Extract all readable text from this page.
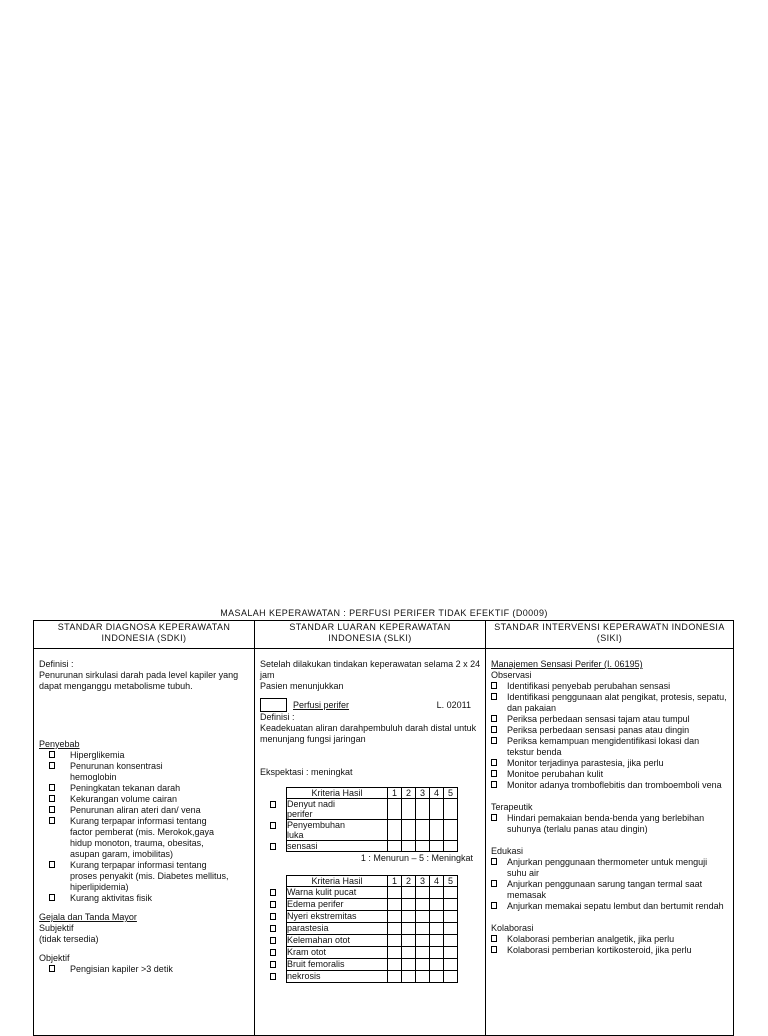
MASALAH KEPERAWATAN : PERFUSI PERIFER TIDAK EFEKTIF (D0009)
STANDAR DIAGNOSA KEPERAWATAN INDONESIA (SDKI)	STANDAR LUARAN KEPERAWATAN INDONESIA (SLKI)	STANDAR INTERVENSI KEPERAWATN INDONESIA (SIKI)

Definisi :
Penurunan sirkulasi darah pada level kapiler yang dapat menganggu metabolisme tubuh.
Penyebab
Hiperglikemia
Penurunan konsentrasi hemoglobin
Peningkatan tekanan darah
Kekurangan volume cairan
Penurunan aliran ateri dan/ vena
Kurang terpapar informasi tentang factor pemberat (mis. Merokok,gaya hidup monoton, trauma, obesitas, asupan garam, imobilitas)
Kurang terpapar informasi tentang proses penyakit (mis. Diabetes mellitus, hiperlipidemia)
Kurang aktivitas fisik
Gejala dan Tanda Mayor
Subjektif
(tidak tersedia)
Objektif
Pengisian kapiler >3 detik

Setelah dilakukan tindakan keperawatan selama 2 x 24 jam
Pasien menunjukkan
Perfusi perifer	L. 02011
Definisi :
Keadekuatan aliran darahpembuluh darah distal untuk menunjang fungsi jaringan
Ekspektasi : meningkat
Kriteria Hasil	1	2	3	4	5

Denyut nadi perifer

Penyembuhan luka

sensasi					
1 : Menurun – 5 : Meningkat
Kriteria Hasil	1	2	3	4	5

Warna kulit pucat					

Edema perifer					

Nyeri ekstremitas					

parastesia					

Kelemahan otot					

Kram otot					

Bruit femoralis					

nekrosis					

Manajemen Sensasi Perifer (I. 06195)
Observasi
Identifikasi penyebab perubahan sensasi
Identifikasi penggunaan alat pengikat, protesis, sepatu, dan pakaian
Periksa perbedaan sensasi tajam atau tumpul
Periksa perbedaan sensasi panas atau dingin
Periksa kemampuan mengidentifikasi lokasi dan tekstur benda
Monitor terjadinya parastesia, jika perlu
Monitoe perubahan kulit
Monitor adanya tromboflebitis dan tromboemboli vena
Terapeutik
Hindari pemakaian benda-benda yang berlebihan suhunya (terlalu panas atau dingin)
Edukasi
Anjurkan penggunaan thermometer untuk menguji suhu air
Anjurkan penggunaan sarung tangan termal saat memasak
Anjurkan memakai sepatu lembut dan bertumit rendah
Kolaborasi
Kolaborasi pemberian analgetik, jika perlu
Kolaborasi pemberian kortikosteroid, jika perlu
